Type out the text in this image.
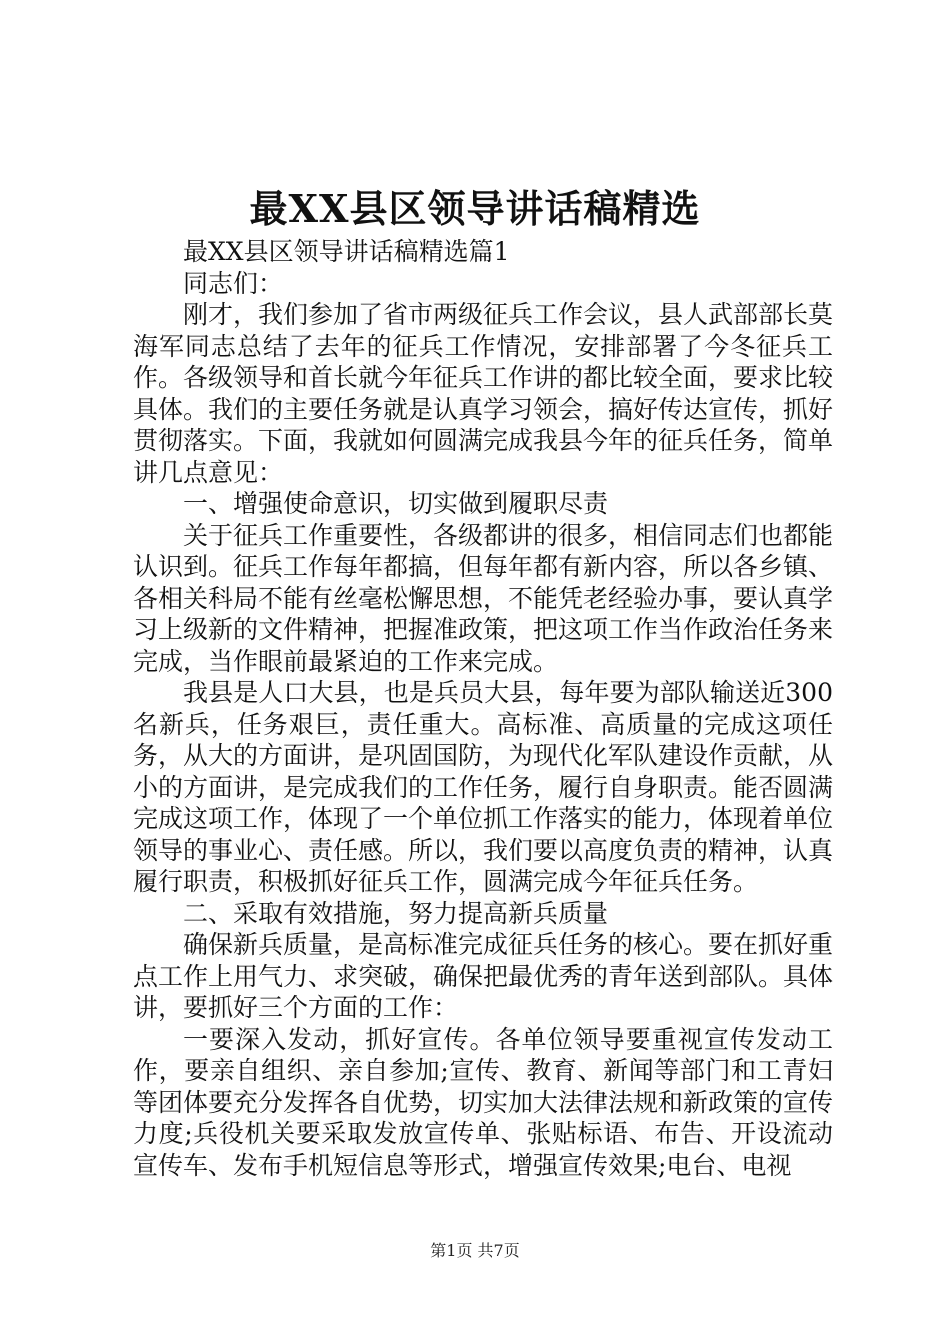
最XX县区领导讲话稿精选

最XX县区领导讲话稿精选篇1

同志们：

刚才，我们参加了省市两级征兵工作会议，县人武部部长莫海军同志总结了去年的征兵工作情况，安排部署了今冬征兵工作。各级领导和首长就今年征兵工作讲的都比较全面，要求比较具体。我们的主要任务就是认真学习领会，搞好传达宣传，抓好贯彻落实。下面，我就如何圆满完成我县今年的征兵任务，简单讲几点意见：

一、增强使命意识，切实做到履职尽责

关于征兵工作重要性，各级都讲的很多，相信同志们也都能认识到。征兵工作每年都搞，但每年都有新内容，所以各乡镇、各相关科局不能有丝毫松懈思想，不能凭老经验办事，要认真学习上级新的文件精神，把握准政策，把这项工作当作政治任务来完成，当作眼前最紧迫的工作来完成。

我县是人口大县，也是兵员大县，每年要为部队输送近300名新兵，任务艰巨，责任重大。高标准、高质量的完成这项任务，从大的方面讲，是巩固国防，为现代化军队建设作贡献，从小的方面讲，是完成我们的工作任务，履行自身职责。能否圆满完成这项工作，体现了一个单位抓工作落实的能力，体现着单位领导的事业心、责任感。所以，我们要以高度负责的精神，认真履行职责，积极抓好征兵工作，圆满完成今年征兵任务。

二、采取有效措施，努力提高新兵质量

确保新兵质量，是高标准完成征兵任务的核心。要在抓好重点工作上用气力、求突破，确保把最优秀的青年送到部队。具体讲，要抓好三个方面的工作：

一要深入发动，抓好宣传。各单位领导要重视宣传发动工作，要亲自组织、亲自参加;宣传、教育、新闻等部门和工青妇等团体要充分发挥各自优势，切实加大法律法规和新政策的宣传力度;兵役机关要采取发放宣传单、张贴标语、布告、开设流动宣传车、发布手机短信息等形式，增强宣传效果;电台、电视

第1页 共7页
